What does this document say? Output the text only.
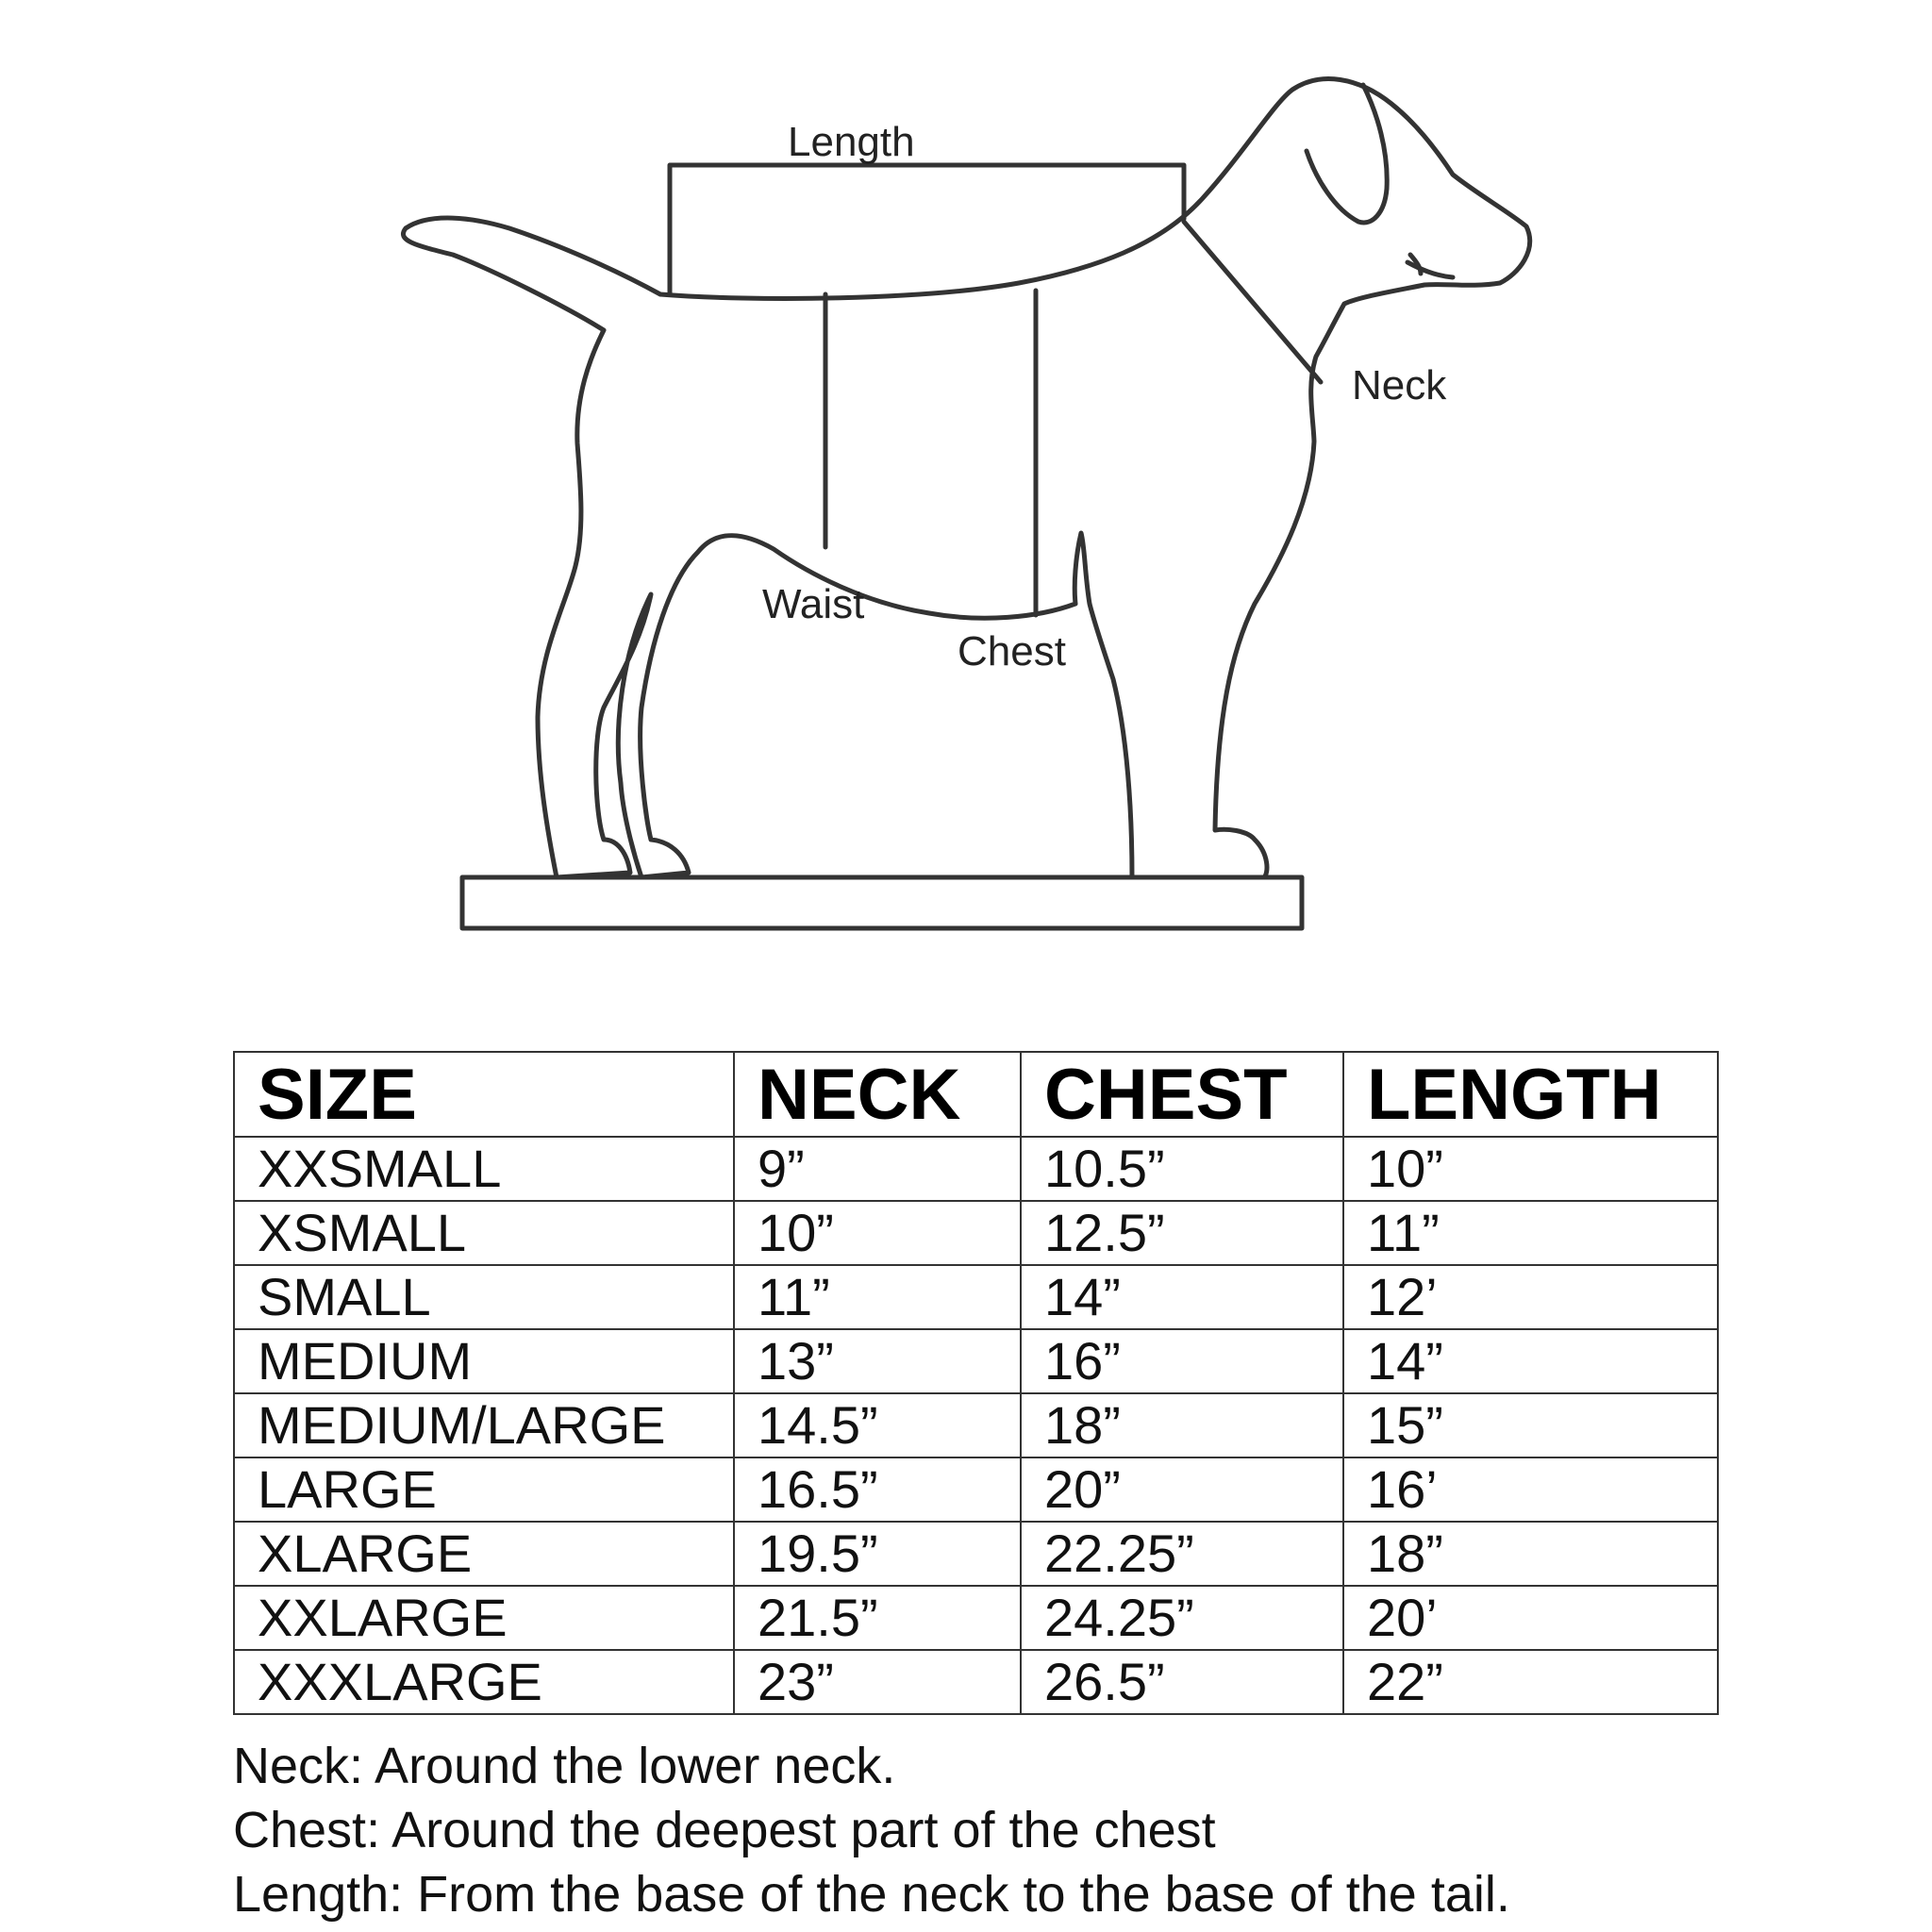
Length
Neck
Waist
Chest
SIZE	NECK	CHEST	LENGTH
XXSMALL	9”	10.5”	10”
XSMALL	10”	12.5”	11”
SMALL	11”	14”	12’
MEDIUM	13”	16”	14”
MEDIUM/LARGE	14.5”	18”	15”
LARGE	16.5”	20”	16’
XLARGE	19.5”	22.25”	18”
XXLARGE	21.5”	24.25”	20’
XXXLARGE	23”	26.5”	22”
Neck: Around the lower neck.
Chest: Around the deepest part of the chest
Length: From the base of the neck to the base of the tail.
